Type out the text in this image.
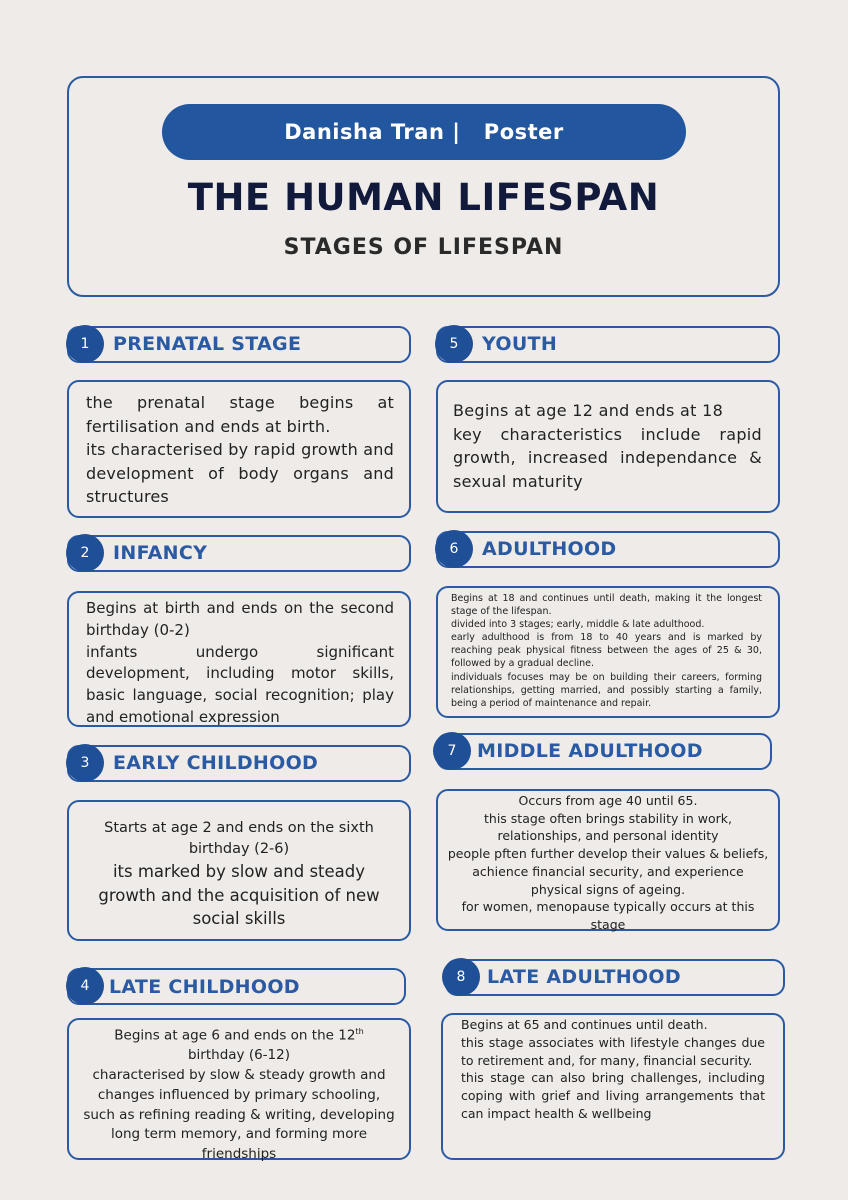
Danisha Tran |   Poster
THE HUMAN LIFESPAN
STAGES OF LIFESPAN
1	PRENATAL STAGE
the prenatal stage begins at fertilisation and ends at birth.
its characterised by rapid growth and development of body organs and structures
2	INFANCY
Begins at birth and ends on the second birthday (0-2)
infants undergo significant development, including motor skills, basic language, social recognition; play and emotional expression
3	EARLY CHILDHOOD
Starts at age 2 and ends on the sixth birthday (2-6)
its marked by slow and steady growth and the acquisition of new social skills
4	LATE CHILDHOOD
Begins at age 6 and ends on the 12th
birthday (6-12)
characterised by slow & steady growth and changes influenced by primary schooling, such as refining reading & writing, developing long term memory, and forming more friendships
5	YOUTH
Begins at age 12 and ends at 18
key characteristics include rapid growth, increased independance & sexual maturity
6	ADULTHOOD
Begins at 18 and continues until death, making it the longest stage of the lifespan.
divided into 3 stages; early, middle & late adulthood.
early adulthood is from 18 to 40 years and is marked by reaching peak physical fitness between the ages of 25 & 30, followed by a gradual decline.
individuals focuses may be on building their careers, forming relationships, getting married, and possibly starting a family, being a period of maintenance and repair.
7	MIDDLE ADULTHOOD
Occurs from age 40 until 65.
this stage often brings stability in work, relationships, and personal identity
people pften further develop their values & beliefs, achience financial security, and experience physical signs of ageing.
for women, menopause typically occurs at this stage
8	LATE ADULTHOOD
Begins at 65 and continues until death.
this stage associates with lifestyle changes due to retirement and, for many, financial security.
this stage can also bring challenges, including coping with grief and living arrangements that can impact health & wellbeing
